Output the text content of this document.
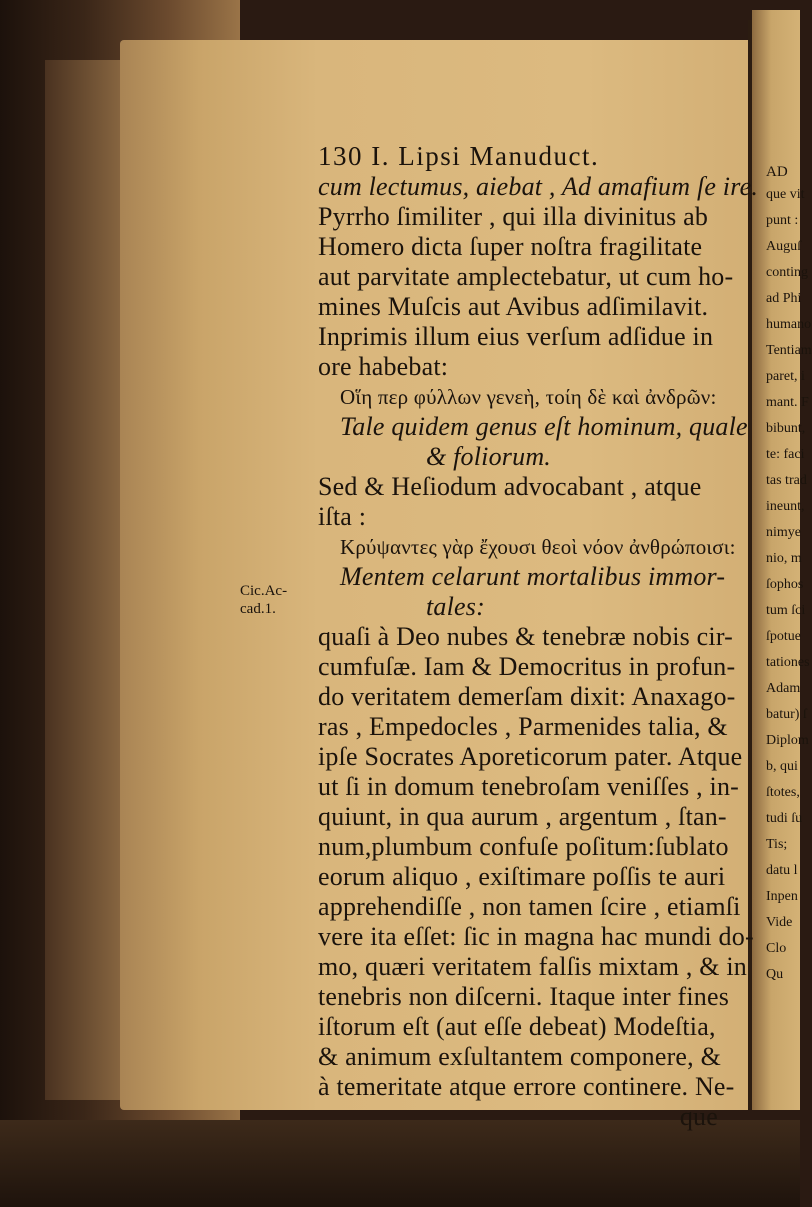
AD
que vit
punt :
Auguſ
conting
ad Phi
humano
Tentiam
paret, i
mant. F
bibunt,
te: faci
tas trad
ineunt,
nimye
nio, m
ſophos
tum ſci
ſpotue
tationes
Adam
batur) ſ
Diplom
b, qui
ſtotes,
tudi ſu
Tis;
datu l
Inpen
Vide
Clo
Qu
Cic.Ac-
cad.1.
130 I. Lipsi Manuduct.
cum lectuтus, aiebat , Ad amafium ſe ire.
Pyrrho ſimiliter , qui illa divinitus ab
Homero dicta ſuper noſtra fragilitate
aut parvitate amplectebatur, ut cum ho-
mines Muſcis aut Avibus adſimilavit.
Inprimis illum eius verſum adſidue in
ore habebat:
Οἵη περ φύλλων γενεὴ, τοίη δὲ καὶ ἀνδρῶν:
Tale quidem genus eſt hominum, quale
& foliorum.
Sed & Heſiodum advocabant , atque
iſta :
Κρύψαντες γὰρ ἔχουσι θεοὶ νόον ἀνθρώποισι:
Mentem celarunt mortalibus immor-
tales:
quaſi à Deo nubes & tenebræ nobis cir-
cumfuſæ. Iam & Democritus in profun-
do veritatem demerſam dixit: Anaxago-
ras , Empedocles , Parmenides talia, &
ipſe Socrates Aporeticorum pater. Atque
ut ſi in domum tenebroſam veniſſes , in-
quiunt, in qua aurum , argentum , ſtan-
num,plumbum confuſe poſitum:ſublato
eorum aliquo , exiſtimare poſſis te auri
apprehendiſſe , non tamen ſcire , etiamſi
vere ita eſſet: ſic in magna hac mundi do-
mo, quæri veritatem falſis mixtam , & in
tenebris non diſcerni. Itaque inter fines
iſtorum eſt (aut eſſe debeat) Modeſtia,
& animum exſultantem componere, &
à temeritate atque errore continere. Ne-
que
